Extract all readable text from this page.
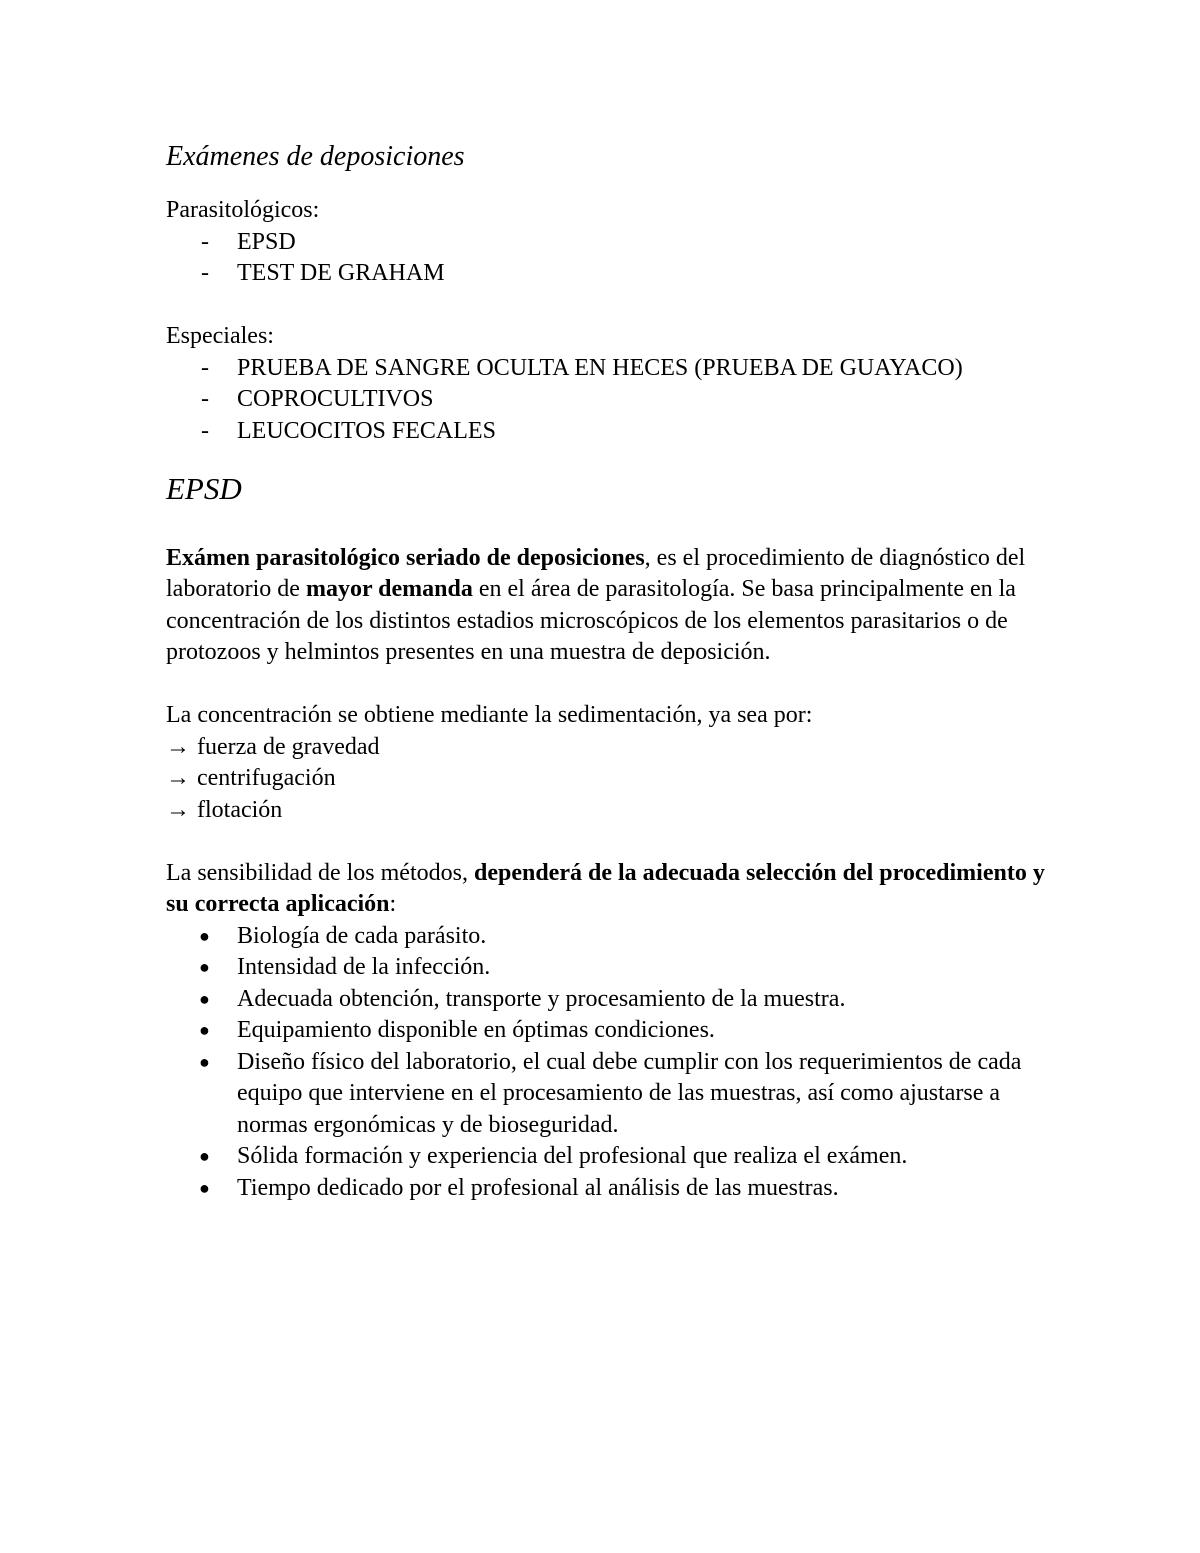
Exámenes de deposiciones

Parasitológicos:

- EPSD
- TEST DE GRAHAM

Especiales:

- PRUEBA DE SANGRE OCULTA EN HECES (PRUEBA DE GUAYACO)
- COPROCULTIVOS
- LEUCOCITOS FECALES

EPSD

Exámen parasitológico seriado de deposiciones, es el procedimiento de diagnóstico del laboratorio de mayor demanda en el área de parasitología. Se basa principalmente en la concentración de los distintos estadios microscópicos de los elementos parasitarios o de protozoos y helmintos presentes en una muestra de deposición.

La concentración se obtiene mediante la sedimentación, ya sea por:

→ fuerza de gravedad
→ centrifugación
→ flotación

La sensibilidad de los métodos, dependerá de la adecuada selección del procedimiento y su correcta aplicación:

● Biología de cada parásito.
● Intensidad de la infección.
● Adecuada obtención, transporte y procesamiento de la muestra.
● Equipamiento disponible en óptimas condiciones.
● Diseño físico del laboratorio, el cual debe cumplir con los requerimientos de cada equipo que interviene en el procesamiento de las muestras, así como ajustarse a normas ergonómicas y de bioseguridad.
● Sólida formación y experiencia del profesional que realiza el exámen.
● Tiempo dedicado por el profesional al análisis de las muestras.
